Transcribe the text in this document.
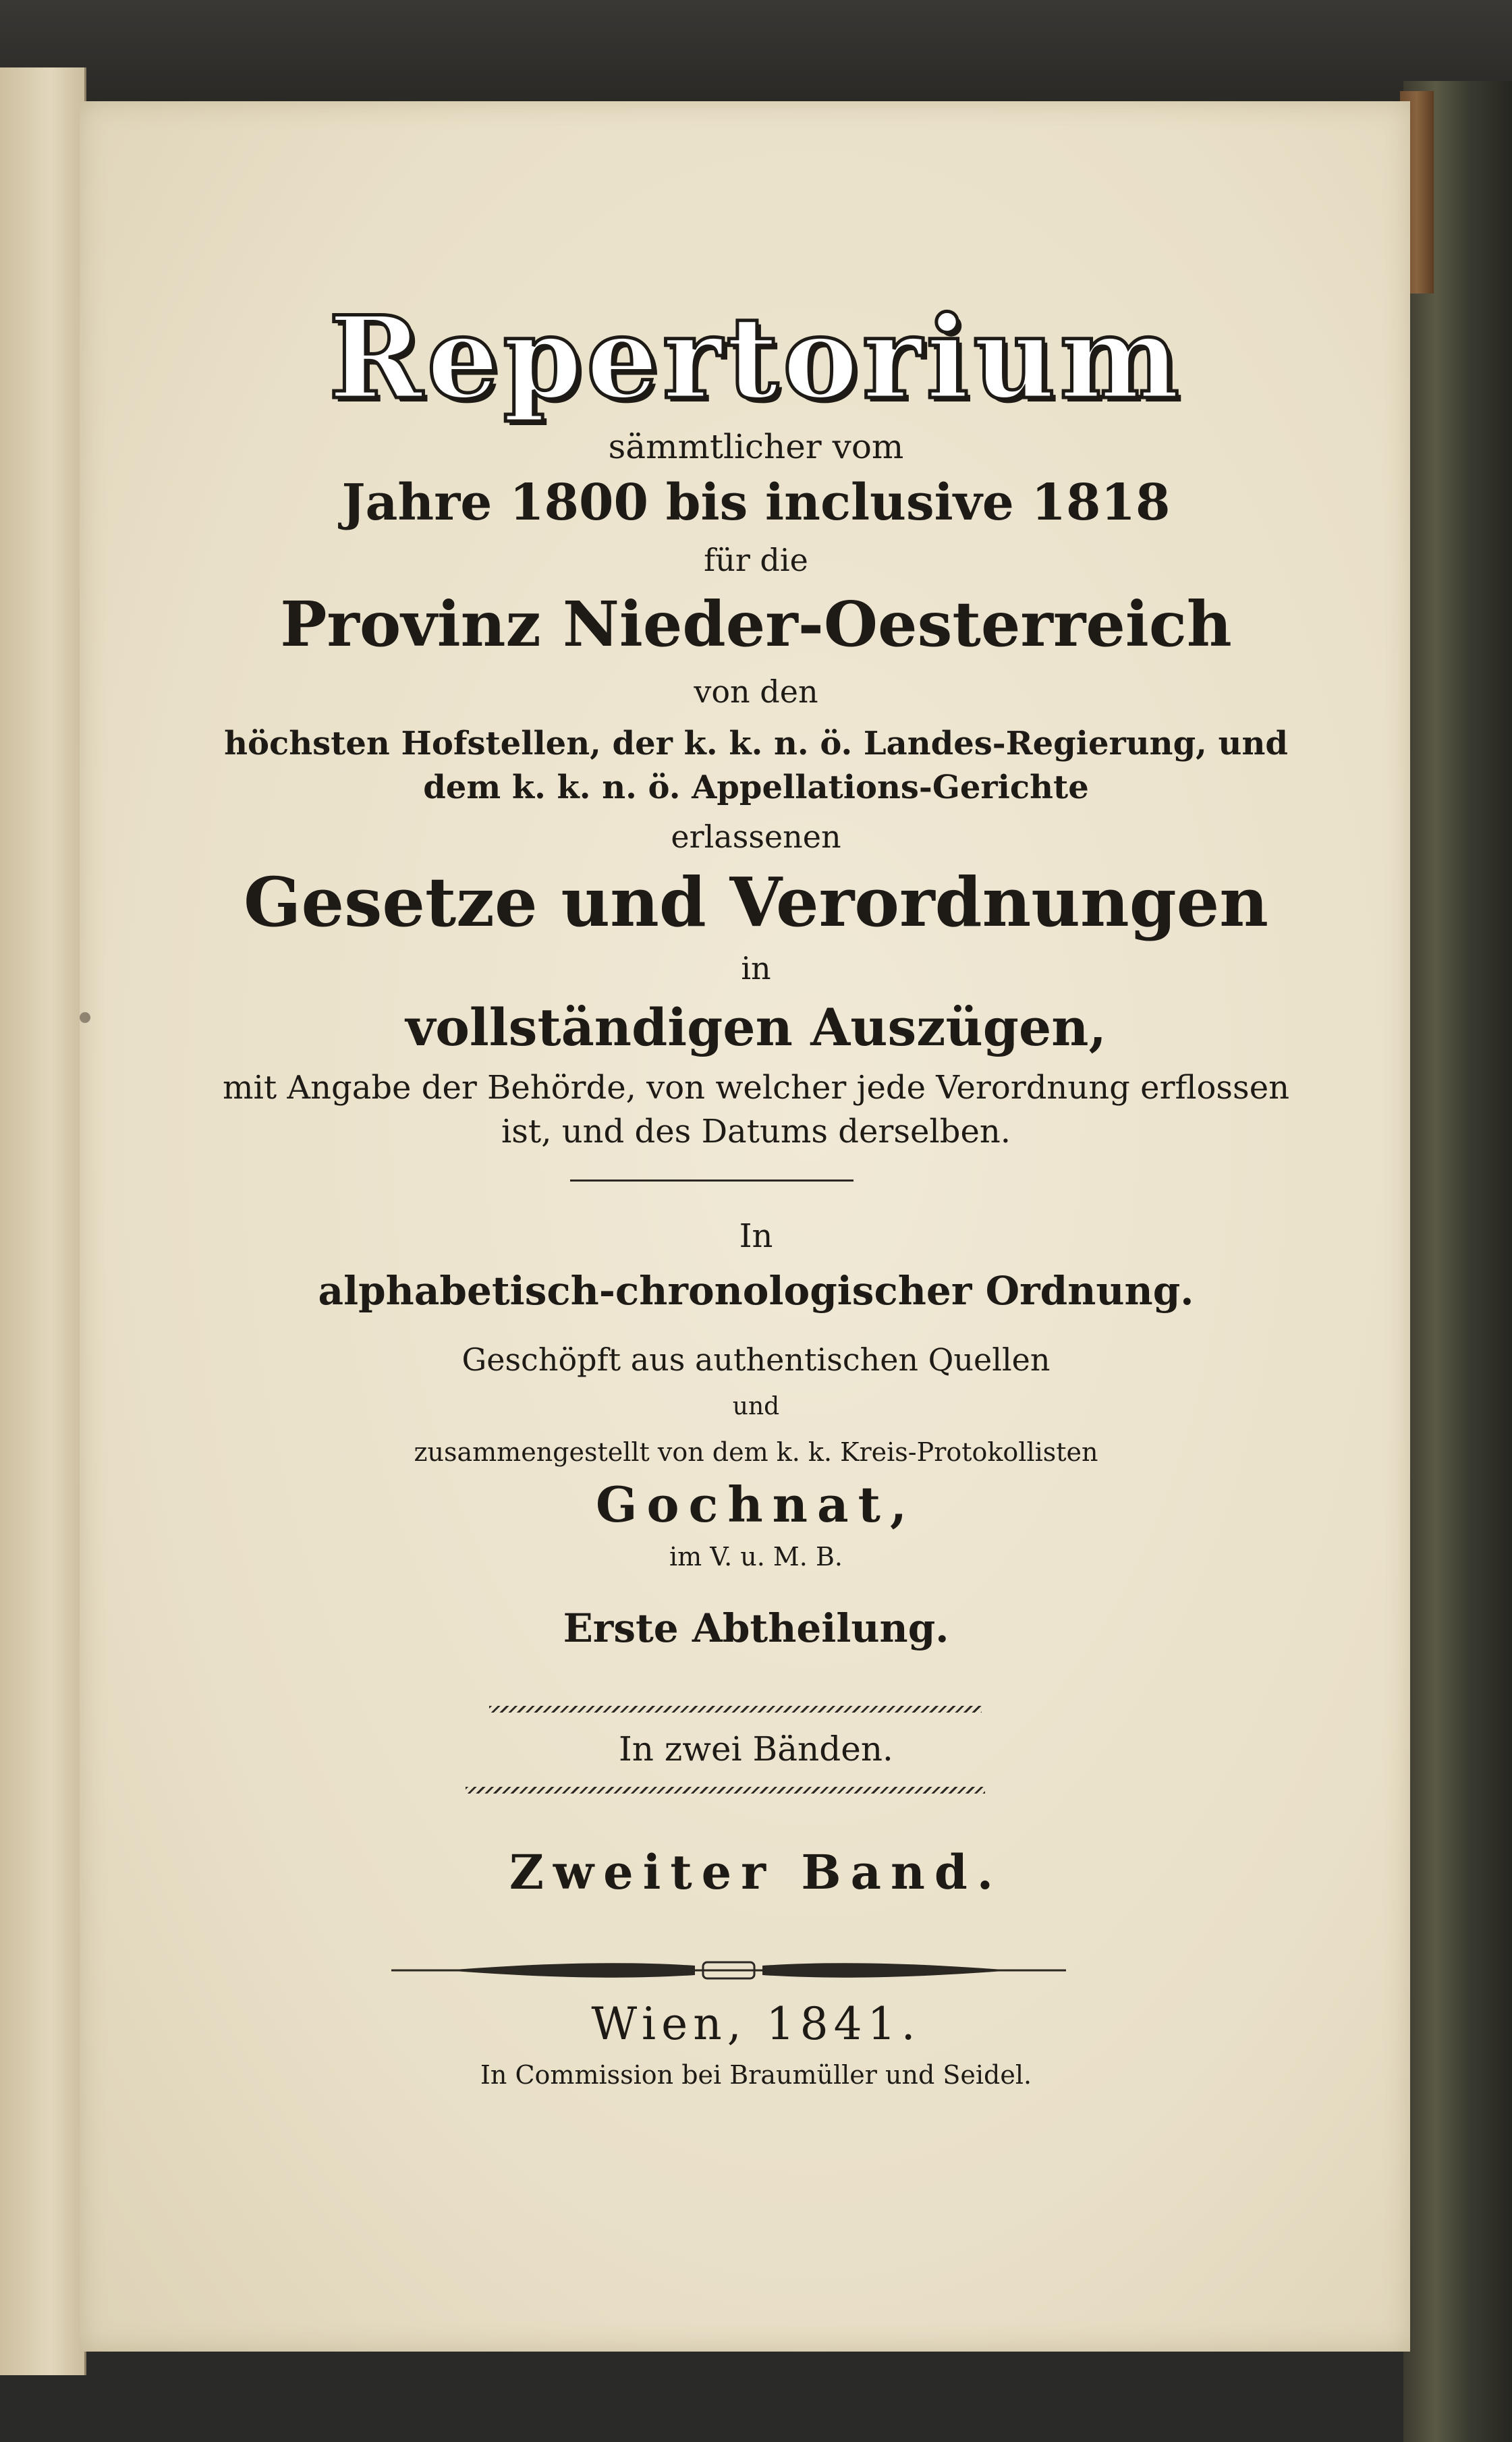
Repertorium
sämmtlicher vom
Jahre 1800 bis inclusive 1818
für die
Provinz Nieder-Oesterreich
von den
höchsten Hofstellen, der k. k. n. ö. Landes-Regierung, und
dem k. k. n. ö. Appellations-Gerichte
erlassenen
Gesetze und Verordnungen
in
vollständigen Auszügen,
mit Angabe der Behörde, von welcher jede Verordnung erflossen
ist, und des Datums derselben.
In
alphabetisch-chronologischer Ordnung.
Geschöpft aus authentischen Quellen
und
zusammengestellt von dem k. k. Kreis-Protokollisten
Gochnat,
im V. u. M. B.
Erste Abtheilung.
In zwei Bänden.
Zweiter Band.
Wien, 1841.
In Commission bei Braumüller und Seidel.
